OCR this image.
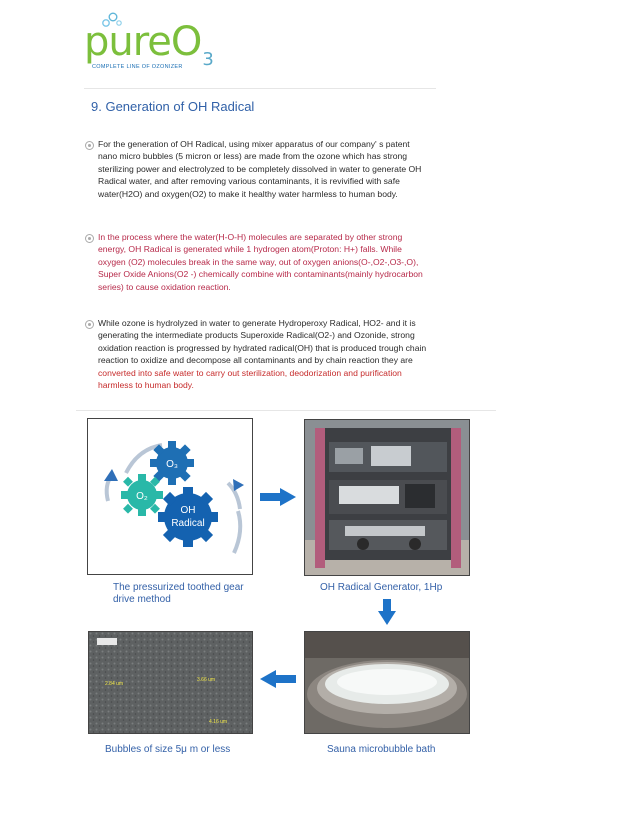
pureO$_3$
COMPLETE LINE OF OZONIZER
9. Generation of OH Radical
For the generation of OH Radical, using mixer apparatus of our company' s patent nano micro bubbles (5 micron or less) are made from the ozone which has strong sterilizing power and electrolyzed to be completely dissolved in water to generate OH Radical water, and after removing various contaminants, it is revivified with safe water(H2O) and oxygen(O2) to make it healthy water harmless to human body.
In the process where the water(H-O-H) molecules are separated by other strong energy, OH Radical is generated while 1 hydrogen atom(Proton: H+) falls. While oxygen (O2) molecules break in the same way, out of oxygen anions(O-,O2-,O3-,O), Super Oxide Anions(O2 -) chemically combine with contaminants(mainly hydrocarbon series) to cause oxidation reaction.
While ozone is hydrolyzed in water to generate Hydroperoxy Radical, HO2- and it is generating the intermediate products Superoxide Radical(O2-) and Ozonide, strong oxidation reaction is progressed by hydrated radical(OH) that is produced trough chain reaction to oxidize and decompose all contaminants and by chain reaction they are converted into safe water to carry out sterilization, deodorization and purification harmless to human body.
O₃
O₂
OH
Radical
The pressurized toothed gear drive method
OH Radical Generator, 1Hp
2.84 um
3.66 um
4.16 um
Bubbles of size 5μ m or less	Sauna microbubble bath
